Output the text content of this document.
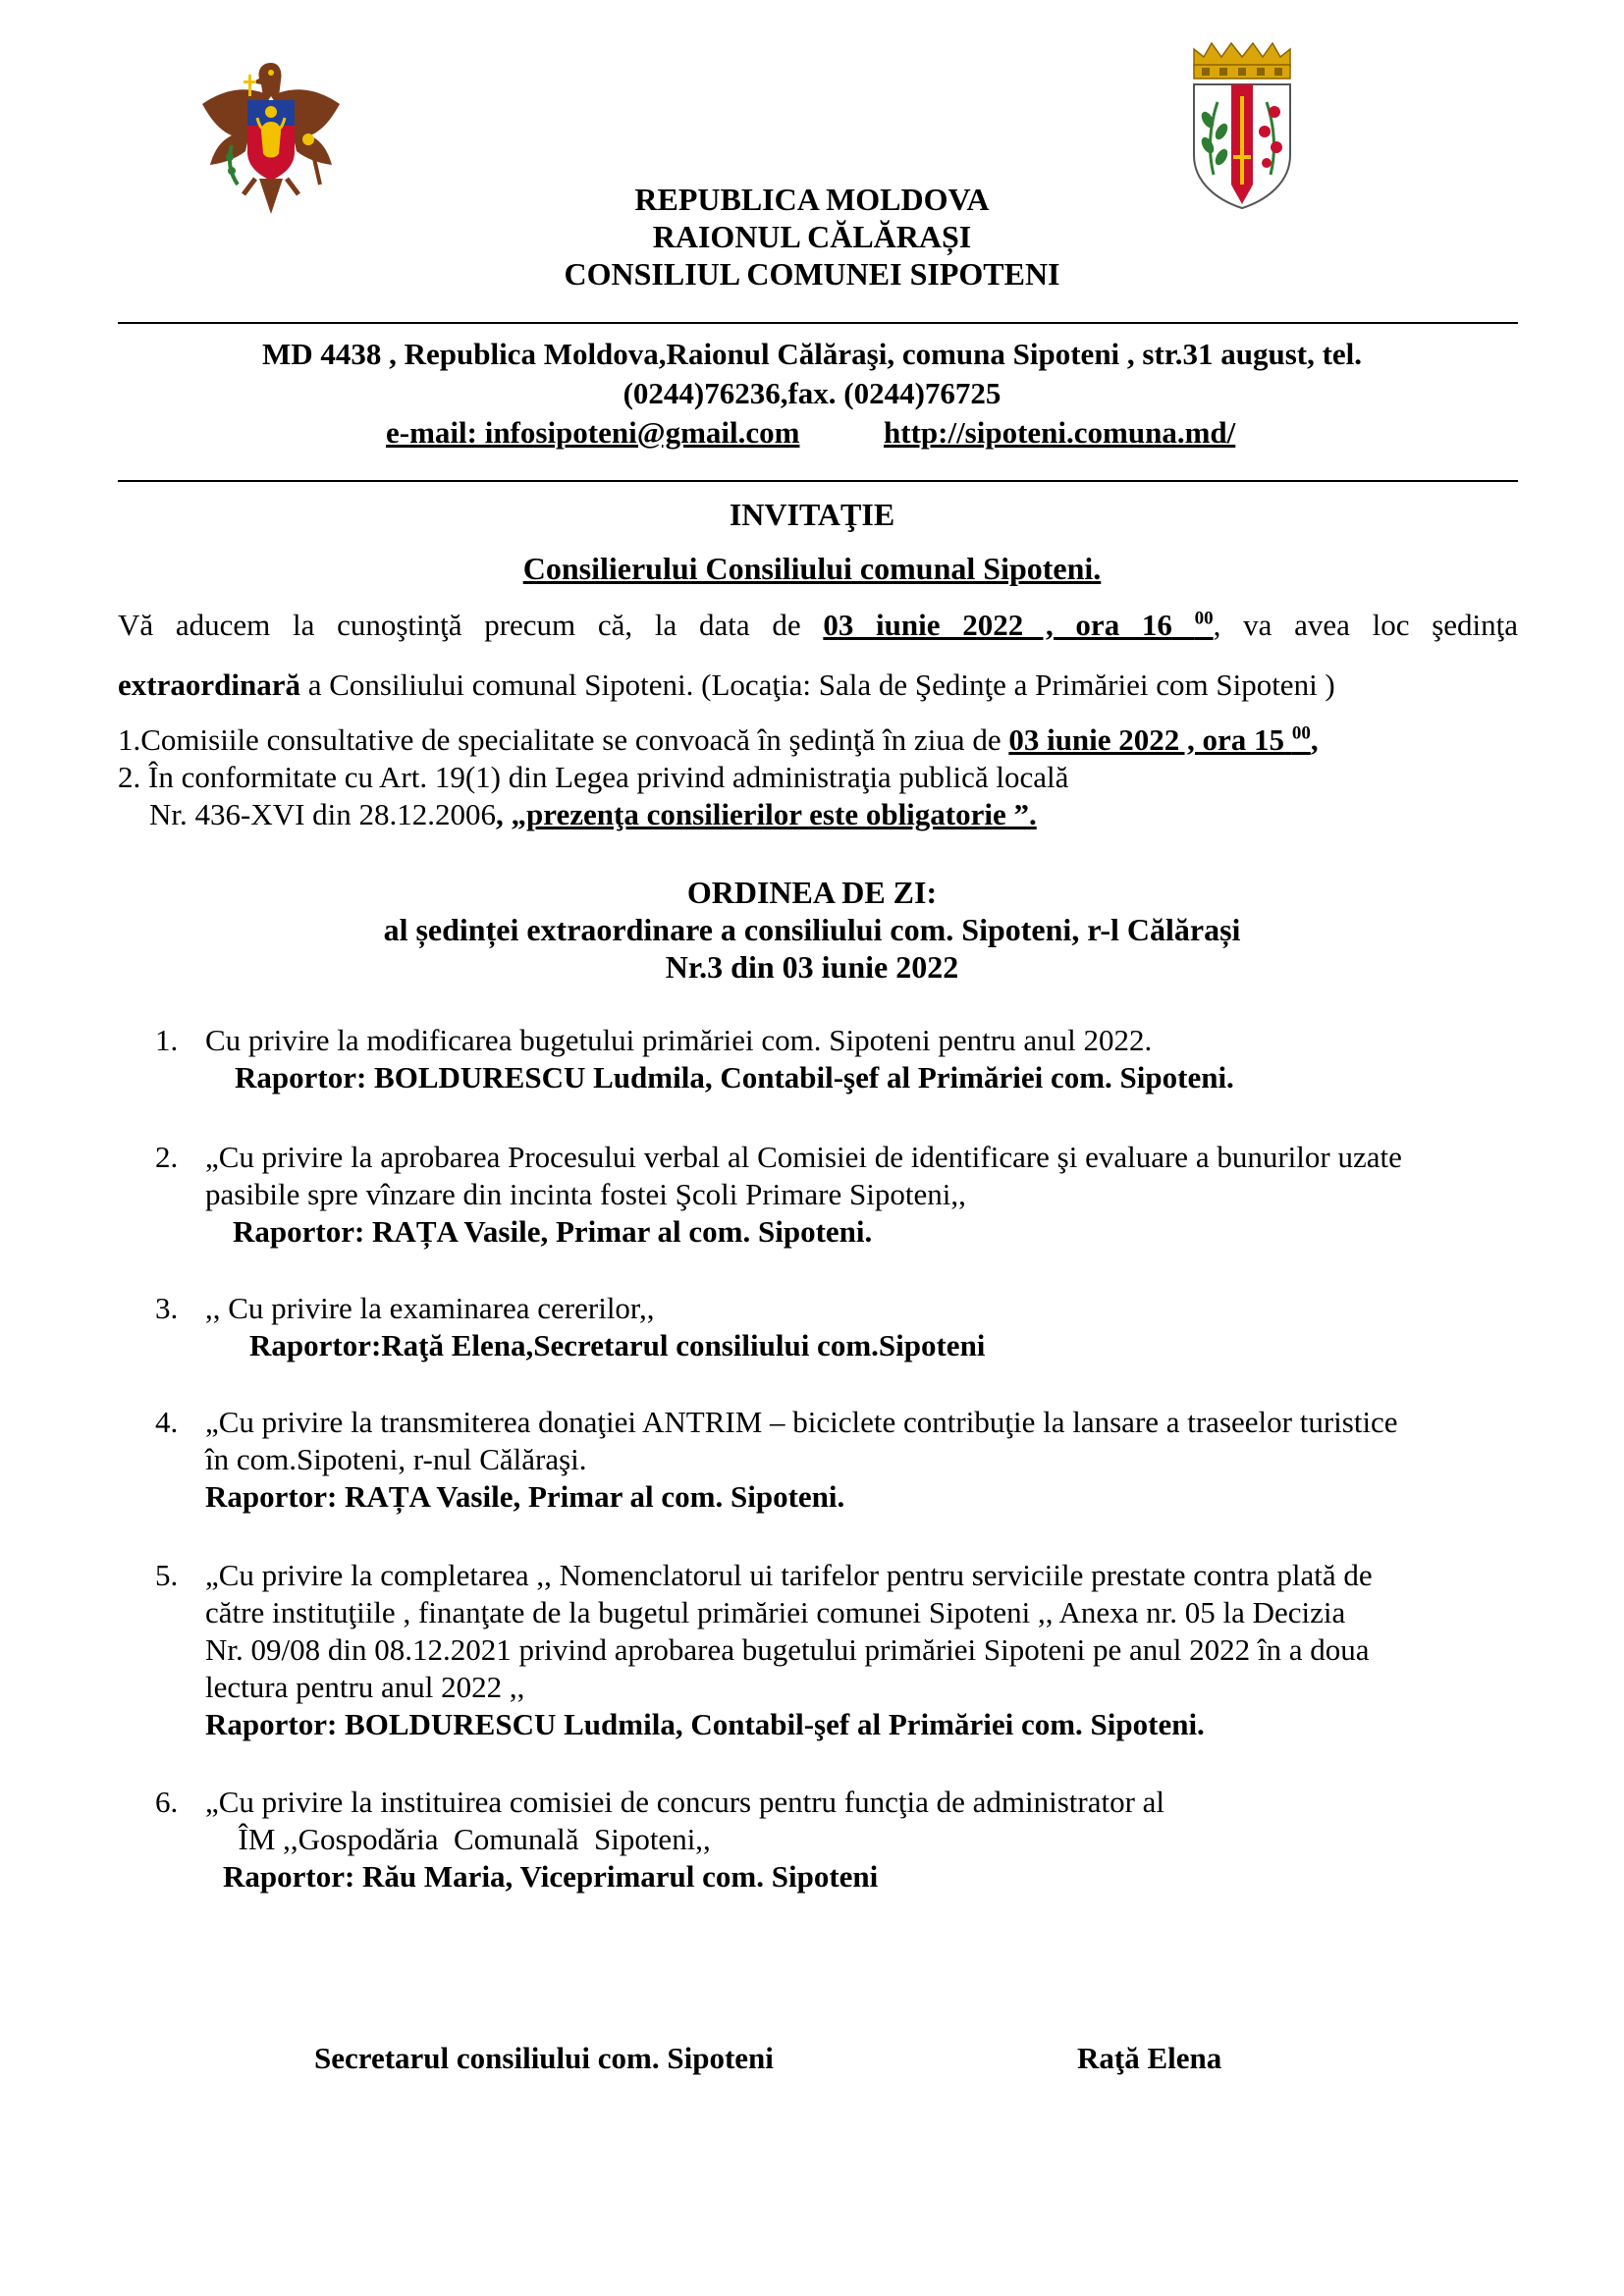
REPUBLICA MOLDOVA
RAIONUL CĂLĂRAȘI
CONSILIUL COMUNEI SIPOTENI
MD 4438 , Republica Moldova,Raionul Călăraşi, comuna Sipoteni , str.31 august, tel.
(0244)76236,fax. (0244)76725
e-mail: infosipoteni@gmail.com	http://sipoteni.comuna.md/
INVITAŢIE
Consilierului Consiliului comunal Sipoteni.
Vă aducem la cunoştinţă precum că, la data de 03 iunie 2022 , ora 16 $^{00}$, va avea loc şedinţa
extraordinară a Consiliului comunal Sipoteni. (Locaţia: Sala de Şedinţe a Primăriei com Sipoteni )
1.Comisiile consultative de specialitate se convoacă în şedinţă în ziua de 03 iunie 2022 , ora 15 $^{00}$,
2. În conformitate cu Art. 19(1) din Legea privind administraţia publică locală
Nr. 436-XVI din 28.12.2006, „prezenţa consilierilor este obligatorie ”.
ORDINEA DE ZI:
al ședinței extraordinare a consiliului com. Sipoteni, r-l Călărași
Nr.3 din 03 iunie 2022
1. Cu privire la modificarea bugetului primăriei com. Sipoteni pentru anul 2022.
Raportor: BOLDURESCU Ludmila, Contabil-şef al Primăriei com. Sipoteni.
2. „Cu privire la aprobarea Procesului verbal al Comisiei de identificare şi evaluare a bunurilor uzate
pasibile spre vînzare din incinta fostei Şcoli Primare Sipoteni,,
Raportor: RAȚA Vasile, Primar al com. Sipoteni.
3. ,, Cu privire la examinarea cererilor,,
Raportor:Raţă Elena,Secretarul consiliului com.Sipoteni
4. „Cu privire la transmiterea donaţiei ANTRIM – biciclete contribuţie la lansare a traseelor turistice
în com.Sipoteni, r-nul Călăraşi.
Raportor: RAȚA Vasile, Primar al com. Sipoteni.
5. „Cu privire la completarea ,, Nomenclatorul ui tarifelor pentru serviciile prestate contra plată de
către instituţiile , finanţate de la bugetul primăriei comunei Sipoteni ,, Anexa nr. 05 la Decizia
Nr. 09/08 din 08.12.2021 privind aprobarea bugetului primăriei Sipoteni pe anul 2022 în a doua
lectura pentru anul 2022 ,,
Raportor: BOLDURESCU Ludmila, Contabil-şef al Primăriei com. Sipoteni.
6. „Cu privire la instituirea comisiei de concurs pentru funcţia de administrator al
ÎM ,,Gospodăria  Comunală  Sipoteni,,
Raportor: Rău Maria, Viceprimarul com. Sipoteni
Secretarul consiliului com. Sipoteni	Raţă Elena
